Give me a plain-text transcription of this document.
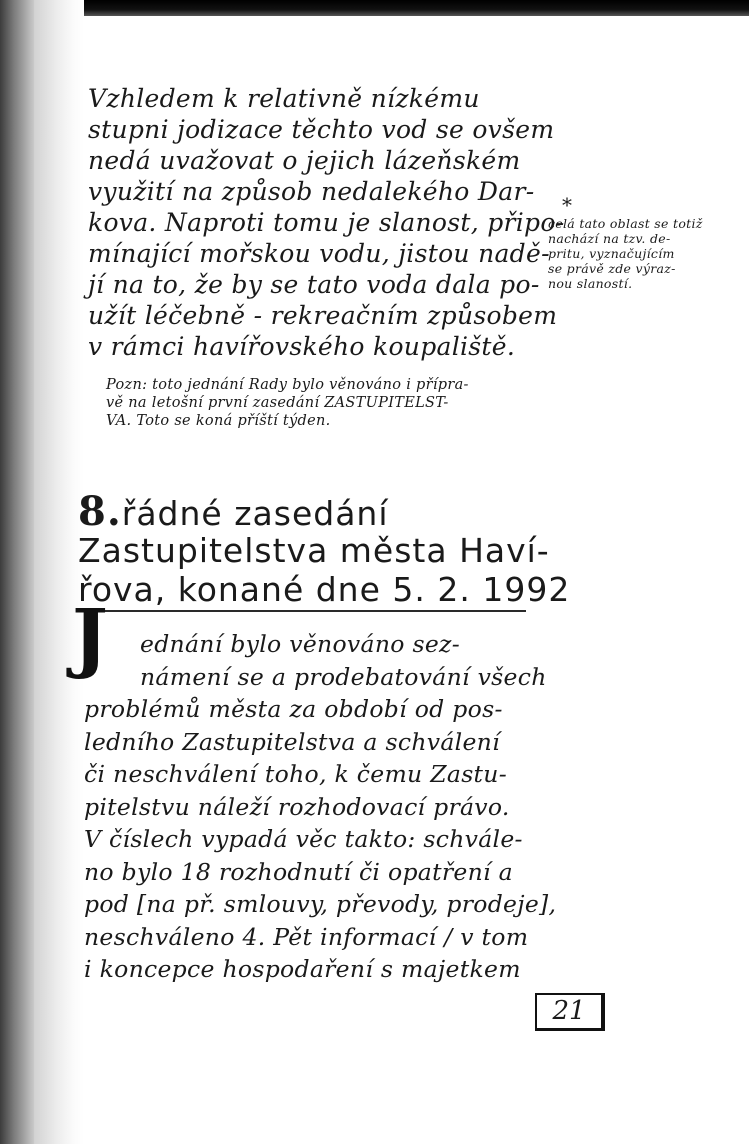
Vzhledem k relativně nízkému
stupni jodizace těchto vod se ovšem
nedá uvažovat o jejich lázeňském
využití na způsob nedalekého Dar-
kova. Naproti tomu je slanost, připo-
mínající mořskou vodu, jistou nadě-
jí na to, že by se tato voda dala po-
užít léčebně - rekreačním způsobem
v rámci havířovského koupaliště.
Pozn: toto jednání Rady bylo věnováno i přípra-
vě na letošní první zasedání ZASTUPITELST-
VA. Toto se koná příští týden.
*
celá tato oblast se totiž
nachází na tzv. de-
pritu, vyznačujícím
se právě zde výraz-
nou slaností.
8.řádné zasedání
Zastupitelstva města Haví-
řova, konané dne 5. 2. 1992
J	ednání bylo věnováno sez-
námení se a prodebatování všech
problémů města za období od pos-
ledního Zastupitelstva a schválení
či neschválení toho, k čemu Zastu-
pitelstvu náleží rozhodovací právo.
V číslech vypadá věc takto: schvále-
no bylo 18 rozhodnutí či opatření a
pod [na př. smlouvy, převody, prodeje],
neschváleno 4. Pět informací / v tom
i koncepce hospodaření s majetkem
21
